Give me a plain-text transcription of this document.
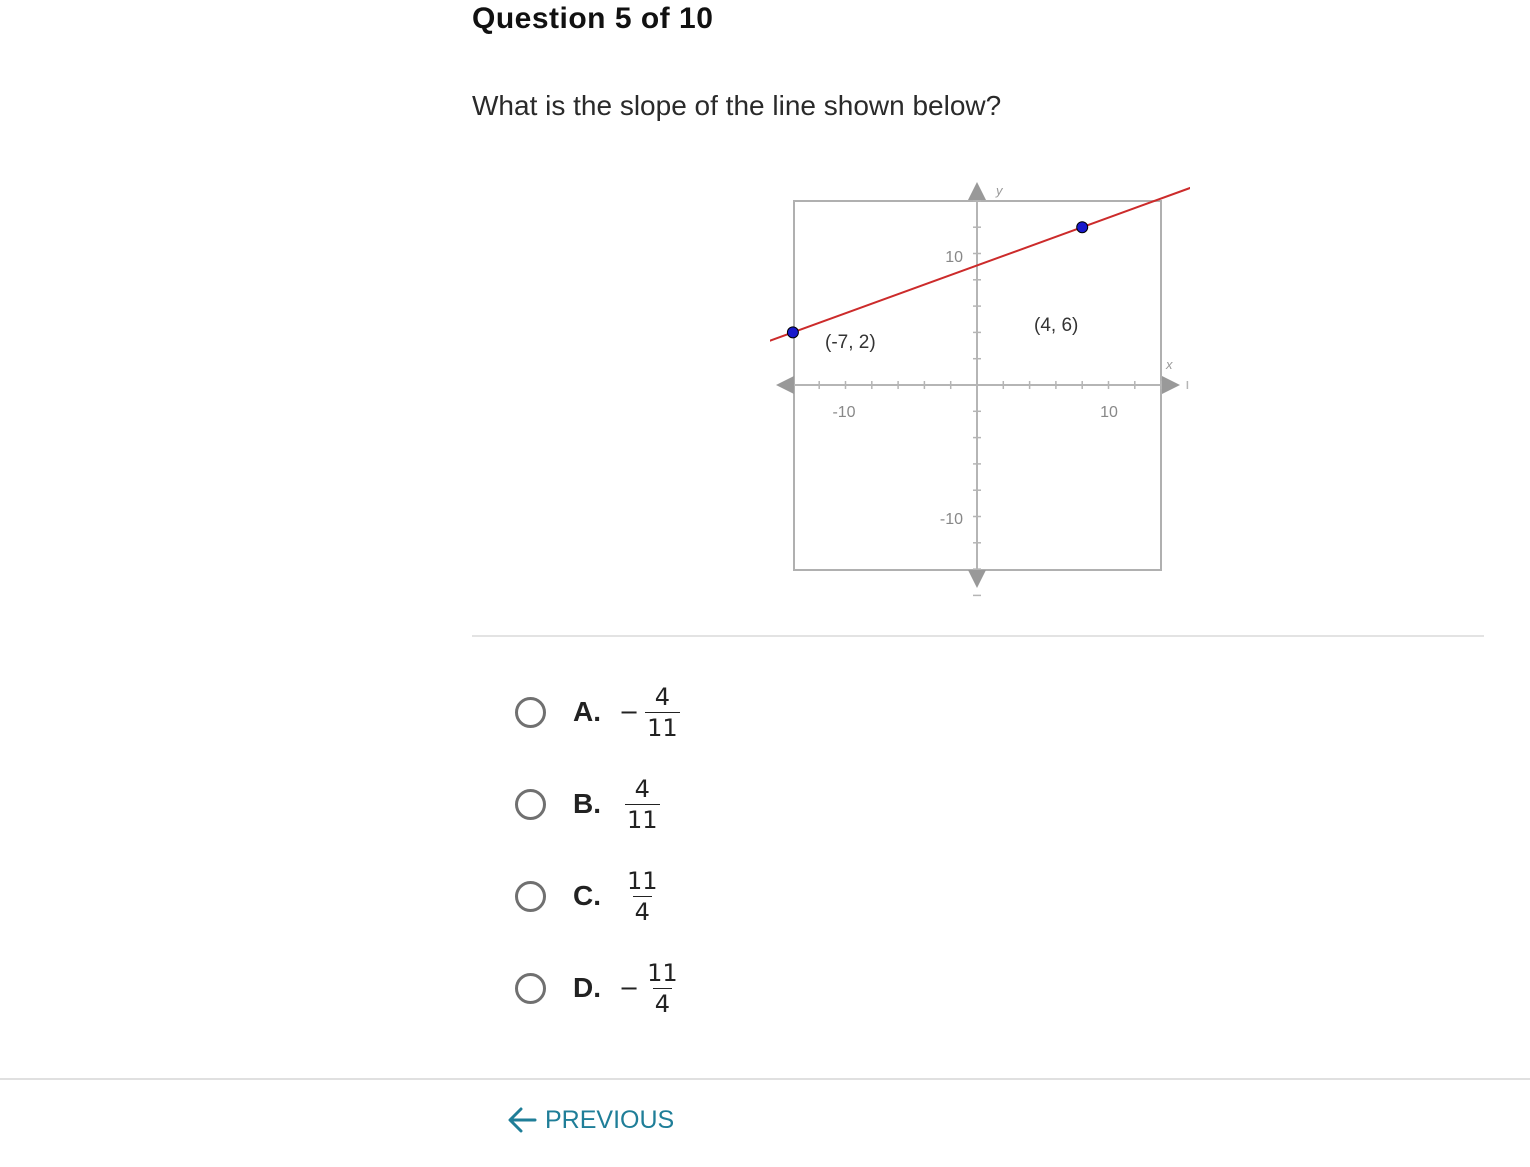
Question 5 of 10
What is the slope of the line shown below?
y
x
-10	10
10
-10
(-7, 2)
(4, 6)
A. − $\frac{4}{11}$
B.	$\frac{4}{11}$
C.	$\frac{11}{4}$
D. − $\frac{11}{4}$
PREVIOUS
